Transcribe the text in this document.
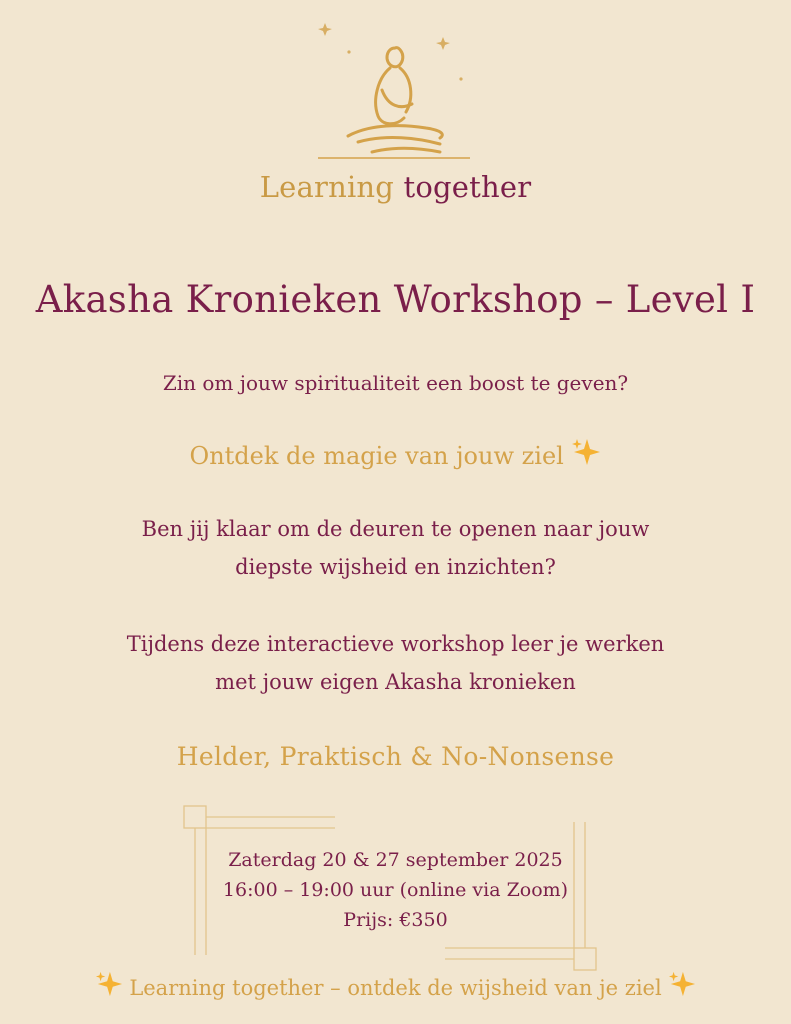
Learning together
Akasha Kronieken Workshop – Level I
Zin om jouw spiritualiteit een boost te geven?
Ontdek de magie van jouw ziel
Ben jij klaar om de deuren te openen naar jouw
diepste wijsheid en inzichten?
Tijdens deze interactieve workshop leer je werken
met jouw eigen Akasha kronieken
Helder, Praktisch & No-Nonsense
Zaterdag 20 & 27 september 2025
16:00 – 19:00 uur (online via Zoom)
Prijs: €350
Learning together – ontdek de wijsheid van je ziel
